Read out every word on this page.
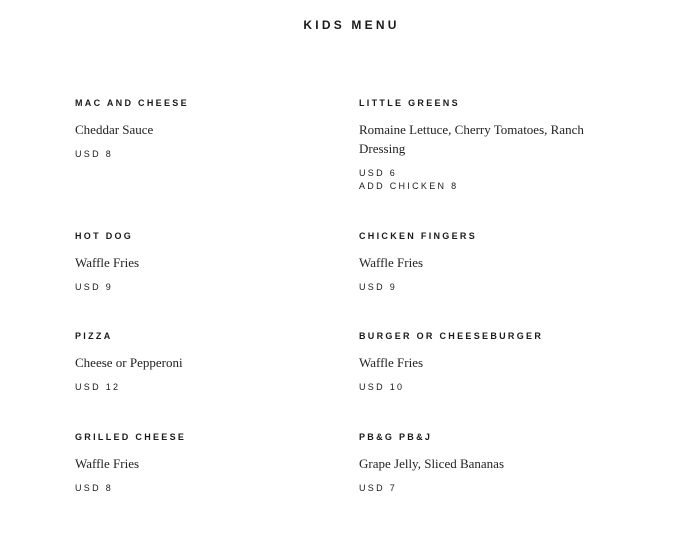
KIDS MENU
MAC AND CHEESE
Cheddar Sauce
USD 8
LITTLE GREENS
Romaine Lettuce, Cherry Tomatoes, Ranch Dressing
USD 6
ADD CHICKEN 8
HOT DOG
Waffle Fries
USD 9
CHICKEN FINGERS
Waffle Fries
USD 9
PIZZA
Cheese or Pepperoni
USD 12
BURGER OR CHEESEBURGER
Waffle Fries
USD 10
GRILLED CHEESE
Waffle Fries
USD 8
PB&G PB&J
Grape Jelly, Sliced Bananas
USD 7
